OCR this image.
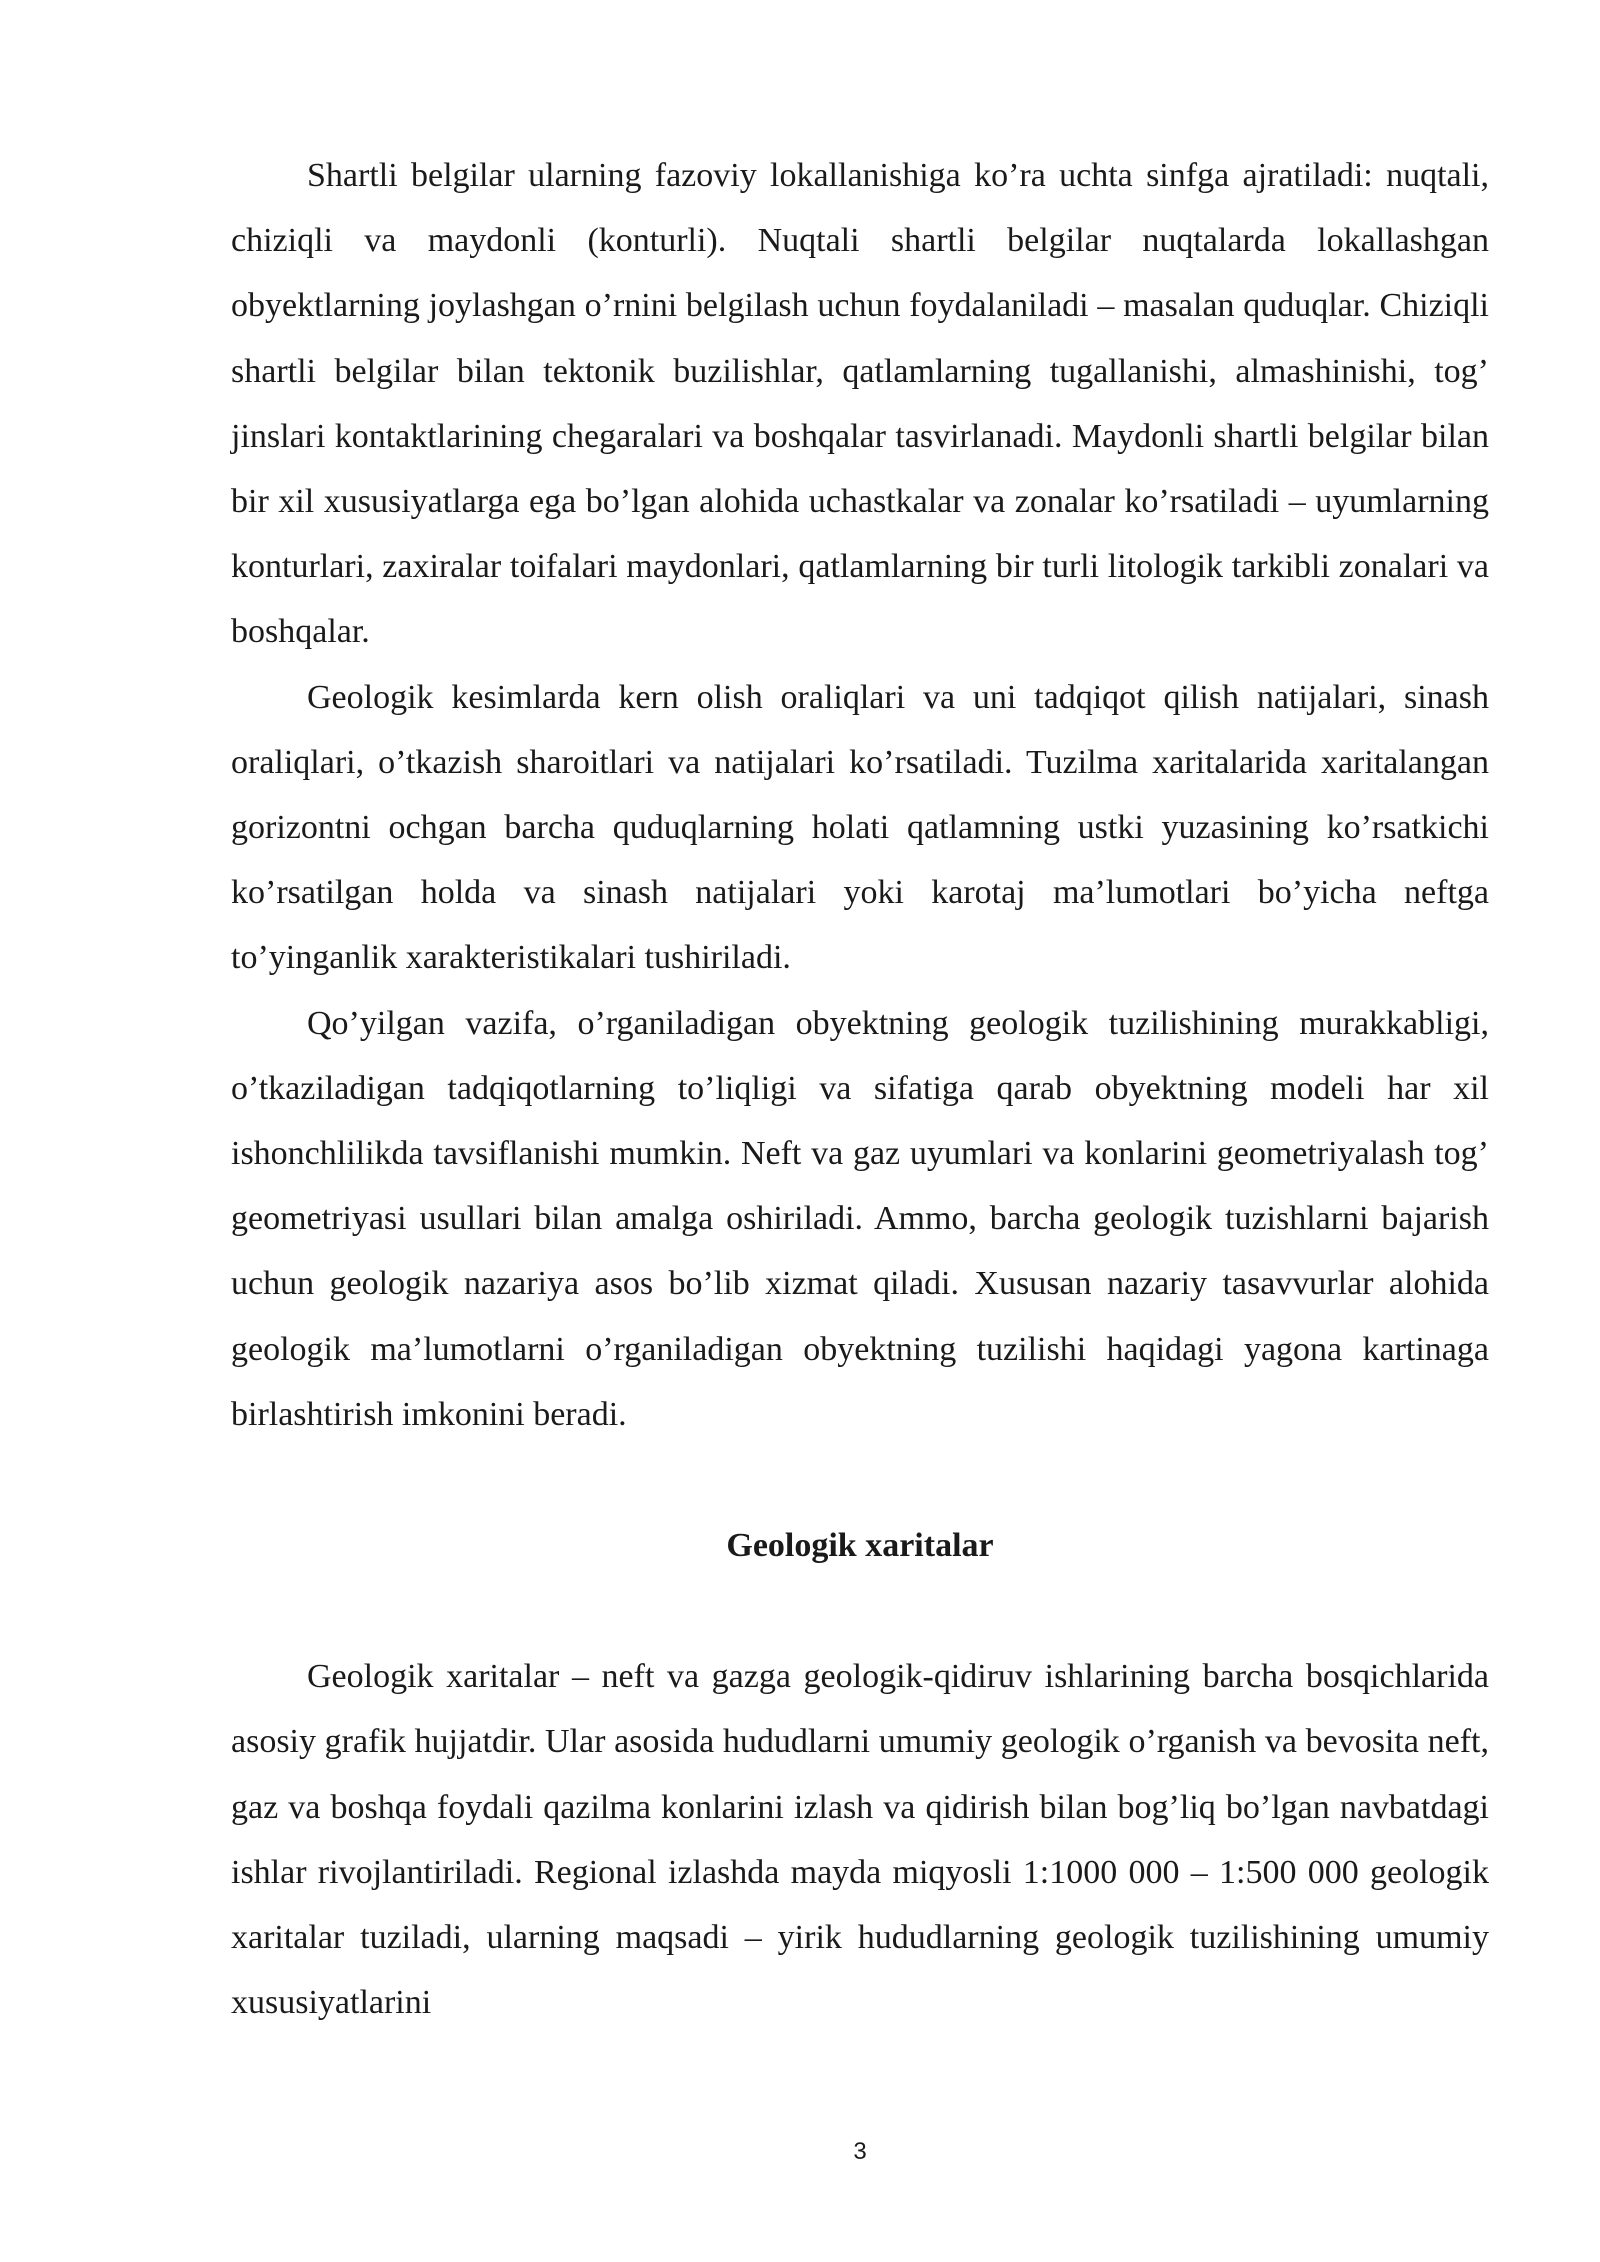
Shartli belgilar ularning fazoviy lokallanishiga ko’ra uchta sinfga ajratiladi: nuqtali, chiziqli va maydonli (konturli). Nuqtali shartli belgilar nuqtalarda lokallashgan obyektlarning joylashgan o’rnini belgilash uchun foydalaniladi – masalan quduqlar. Chiziqli shartli belgilar bilan tektonik buzilishlar, qatlamlarning tugallanishi, almashinishi, tog’ jinslari kontaktlarining chegaralari va boshqalar tasvirlanadi. Maydonli shartli belgilar bilan bir xil xususiyatlarga ega bo’lgan alohida uchastkalar va zonalar ko’rsatiladi – uyumlarning konturlari, zaxiralar toifalari maydonlari, qatlamlarning bir turli litologik tarkibli zonalari va boshqalar.

Geologik kesimlarda kern olish oraliqlari va uni tadqiqot qilish natijalari, sinash oraliqlari, o’tkazish sharoitlari va natijalari ko’rsatiladi. Tuzilma xaritalarida xaritalangan gorizontni ochgan barcha quduqlarning holati qatlamning ustki yuzasining ko’rsatkichi ko’rsatilgan holda va sinash natijalari yoki karotaj ma’lumotlari bo’yicha neftga to’yinganlik xarakteristikalari tushiriladi.

Qo’yilgan vazifa, o’rganiladigan obyektning geologik tuzilishining murakkabligi, o’tkaziladigan tadqiqotlarning to’liqligi va sifatiga qarab obyektning modeli har xil ishonchlilikda tavsiflanishi mumkin. Neft va gaz uyumlari va konlarini geometriyalash tog’ geometriyasi usullari bilan amalga oshiriladi. Ammo, barcha geologik tuzishlarni bajarish uchun geologik nazariya asos bo’lib xizmat qiladi. Xususan nazariy tasavvurlar alohida geologik ma’lumotlarni o’rganiladigan obyektning tuzilishi haqidagi yagona kartinaga birlashtirish imkonini beradi.

Geologik xaritalar

Geologik xaritalar – neft va gazga geologik-qidiruv ishlarining barcha bosqichlarida asosiy grafik hujjatdir. Ular asosida hududlarni umumiy geologik o’rganish va bevosita neft, gaz va boshqa foydali qazilma konlarini izlash va qidirish bilan bog’liq bo’lgan navbatdagi ishlar rivojlantiriladi. Regional izlashda mayda miqyosli 1:1000 000 – 1:500 000 geologik xaritalar tuziladi, ularning maqsadi – yirik hududlarning geologik tuzilishining umumiy xususiyatlarini

3
